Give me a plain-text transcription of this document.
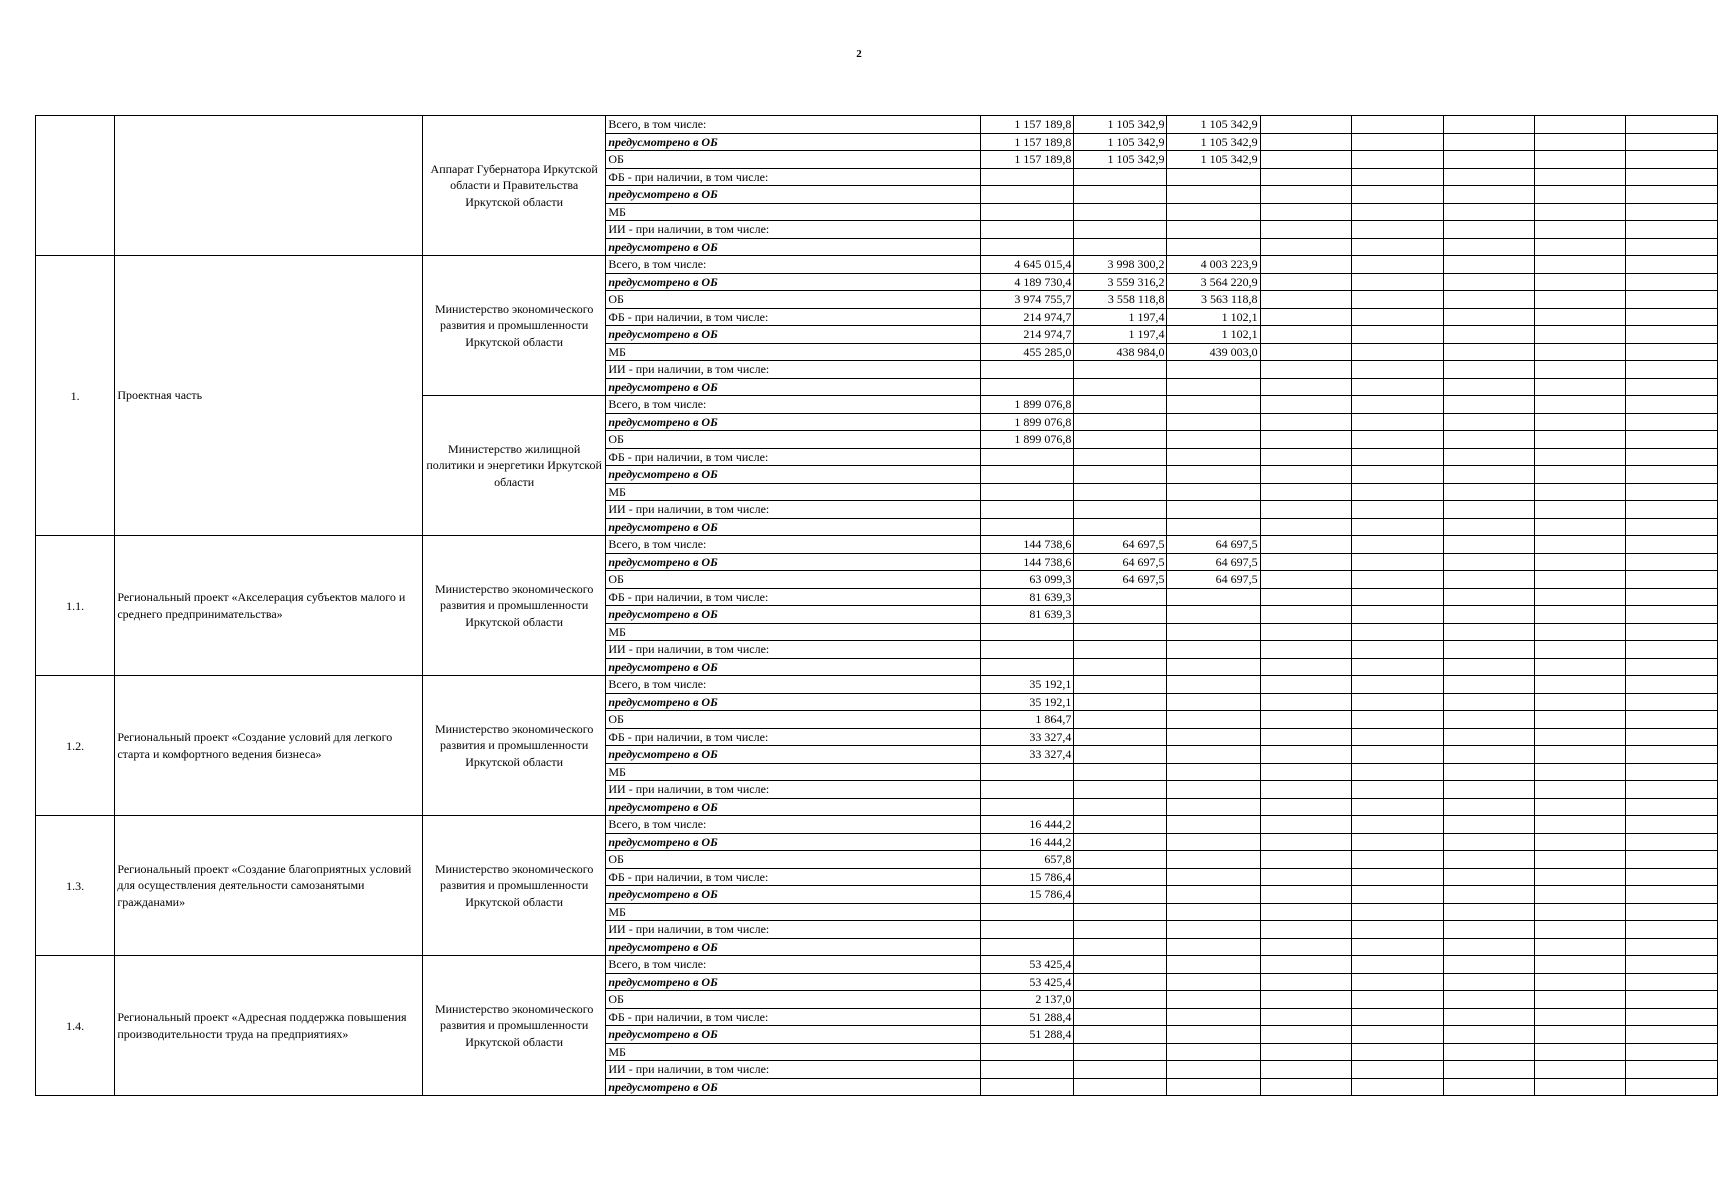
2
		Аппарат Губернатора Иркутской области и Правительства Иркутской области	Всего, в том числе:	1 157 189,8	1 105 342,9	1 105 342,9					
			предусмотрено в ОБ	1 157 189,8	1 105 342,9	1 105 342,9					
			ОБ	1 157 189,8	1 105 342,9	1 105 342,9					
			ФБ - при наличии, в том числе:								
			предусмотрено в ОБ								
			МБ								
			ИИ - при наличии, в том числе:								
			предусмотрено в ОБ								
1.	Проектная часть	Министерство экономического развития и промышленности Иркутской области	Всего, в том числе:	4 645 015,4	3 998 300,2	4 003 223,9					
			предусмотрено в ОБ	4 189 730,4	3 559 316,2	3 564 220,9					
			ОБ	3 974 755,7	3 558 118,8	3 563 118,8					
			ФБ - при наличии, в том числе:	214 974,7	1 197,4	1 102,1					
			предусмотрено в ОБ	214 974,7	1 197,4	1 102,1					
			МБ	455 285,0	438 984,0	439 003,0					
			ИИ - при наличии, в том числе:								
			предусмотрено в ОБ								
		Министерство жилищной политики и энергетики Иркутской области	Всего, в том числе:	1 899 076,8							
			предусмотрено в ОБ	1 899 076,8							
			ОБ	1 899 076,8							
			ФБ - при наличии, в том числе:								
			предусмотрено в ОБ								
			МБ								
			ИИ - при наличии, в том числе:								
			предусмотрено в ОБ								
1.1.	Региональный проект «Акселерация субъектов малого и среднего предпринимательства»	Министерство экономического развития и промышленности Иркутской области	Всего, в том числе:	144 738,6	64 697,5	64 697,5					
			предусмотрено в ОБ	144 738,6	64 697,5	64 697,5					
			ОБ	63 099,3	64 697,5	64 697,5					
			ФБ - при наличии, в том числе:	81 639,3							
			предусмотрено в ОБ	81 639,3							
			МБ								
			ИИ - при наличии, в том числе:								
			предусмотрено в ОБ								
1.2.	Региональный проект «Создание условий для легкого старта и комфортного ведения бизнеса»	Министерство экономического развития и промышленности Иркутской области	Всего, в том числе:	35 192,1							
			предусмотрено в ОБ	35 192,1							
			ОБ	1 864,7							
			ФБ - при наличии, в том числе:	33 327,4							
			предусмотрено в ОБ	33 327,4							
			МБ								
			ИИ - при наличии, в том числе:								
			предусмотрено в ОБ								
1.3.	Региональный проект «Создание благоприятных условий для осуществления деятельности самозанятыми гражданами»	Министерство экономического развития и промышленности Иркутской области	Всего, в том числе:	16 444,2							
			предусмотрено в ОБ	16 444,2							
			ОБ	657,8							
			ФБ - при наличии, в том числе:	15 786,4							
			предусмотрено в ОБ	15 786,4							
			МБ								
			ИИ - при наличии, в том числе:								
			предусмотрено в ОБ								
1.4.	Региональный проект «Адресная поддержка повышения производительности труда на предприятиях»	Министерство экономического развития и промышленности Иркутской области	Всего, в том числе:	53 425,4							
			предусмотрено в ОБ	53 425,4							
			ОБ	2 137,0							
			ФБ - при наличии, в том числе:	51 288,4							
			предусмотрено в ОБ	51 288,4							
			МБ								
			ИИ - при наличии, в том числе:								
			предусмотрено в ОБ								
